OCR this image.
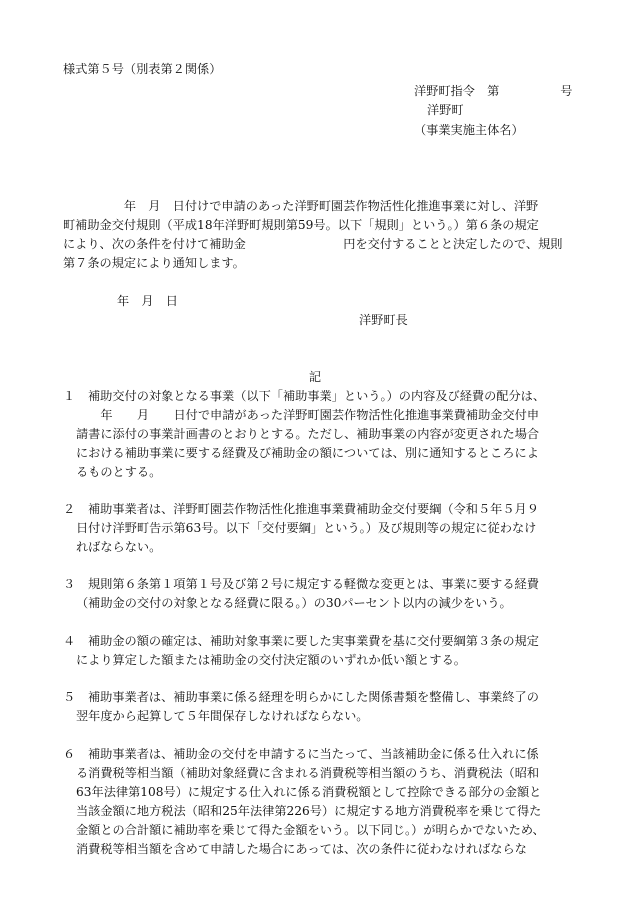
様式第５号（別表第２関係）
洋野町指令　第　　　　　号
洋野町
（事業実施主体名）
　　　　　年　月　日付けで申請のあった洋野町園芸作物活性化推進事業に対し、洋野
町補助金交付規則（平成18年洋野町規則第59号。以下「規則」という。）第６条の規定
により、次の条件を付けて補助金　　　　　　　　円を交付することと決定したので、規則
第７条の規定により通知します。
年　月　日
洋野町長
記
１ 補助交付の対象となる事業（以下「補助事業」という。）の内容及び経費の配分は、
　　年　　月　　日付で申請があった洋野町園芸作物活性化推進事業費補助金交付申
請書に添付の事業計画書のとおりとする。ただし、補助事業の内容が変更された場合
における補助事業に要する経費及び補助金の額については、別に通知するところによ
るものとする。
２ 補助事業者は、洋野町園芸作物活性化推進事業費補助金交付要綱（令和５年５月９
日付け洋野町告示第63号。以下「交付要綱」という。）及び規則等の規定に従わなけ
ればならない。
３ 規則第６条第１項第１号及び第２号に規定する軽微な変更とは、事業に要する経費
（補助金の交付の対象となる経費に限る。）の30パーセント以内の減少をいう。
４ 補助金の額の確定は、補助対象事業に要した実事業費を基に交付要綱第３条の規定
により算定した額または補助金の交付決定額のいずれか低い額とする。
５ 補助事業者は、補助事業に係る経理を明らかにした関係書類を整備し、事業終了の
翌年度から起算して５年間保存しなければならない。
６ 補助事業者は、補助金の交付を申請するに当たって、当該補助金に係る仕入れに係
る消費税等相当額（補助対象経費に含まれる消費税等相当額のうち、消費税法（昭和
63年法律第108号）に規定する仕入れに係る消費税額として控除できる部分の金額と
当該金額に地方税法（昭和25年法律第226号）に規定する地方消費税率を乗じて得た
金額との合計額に補助率を乗じて得た金額をいう。以下同じ。）が明らかでないため、
消費税等相当額を含めて申請した場合にあっては、次の条件に従わなければならな
